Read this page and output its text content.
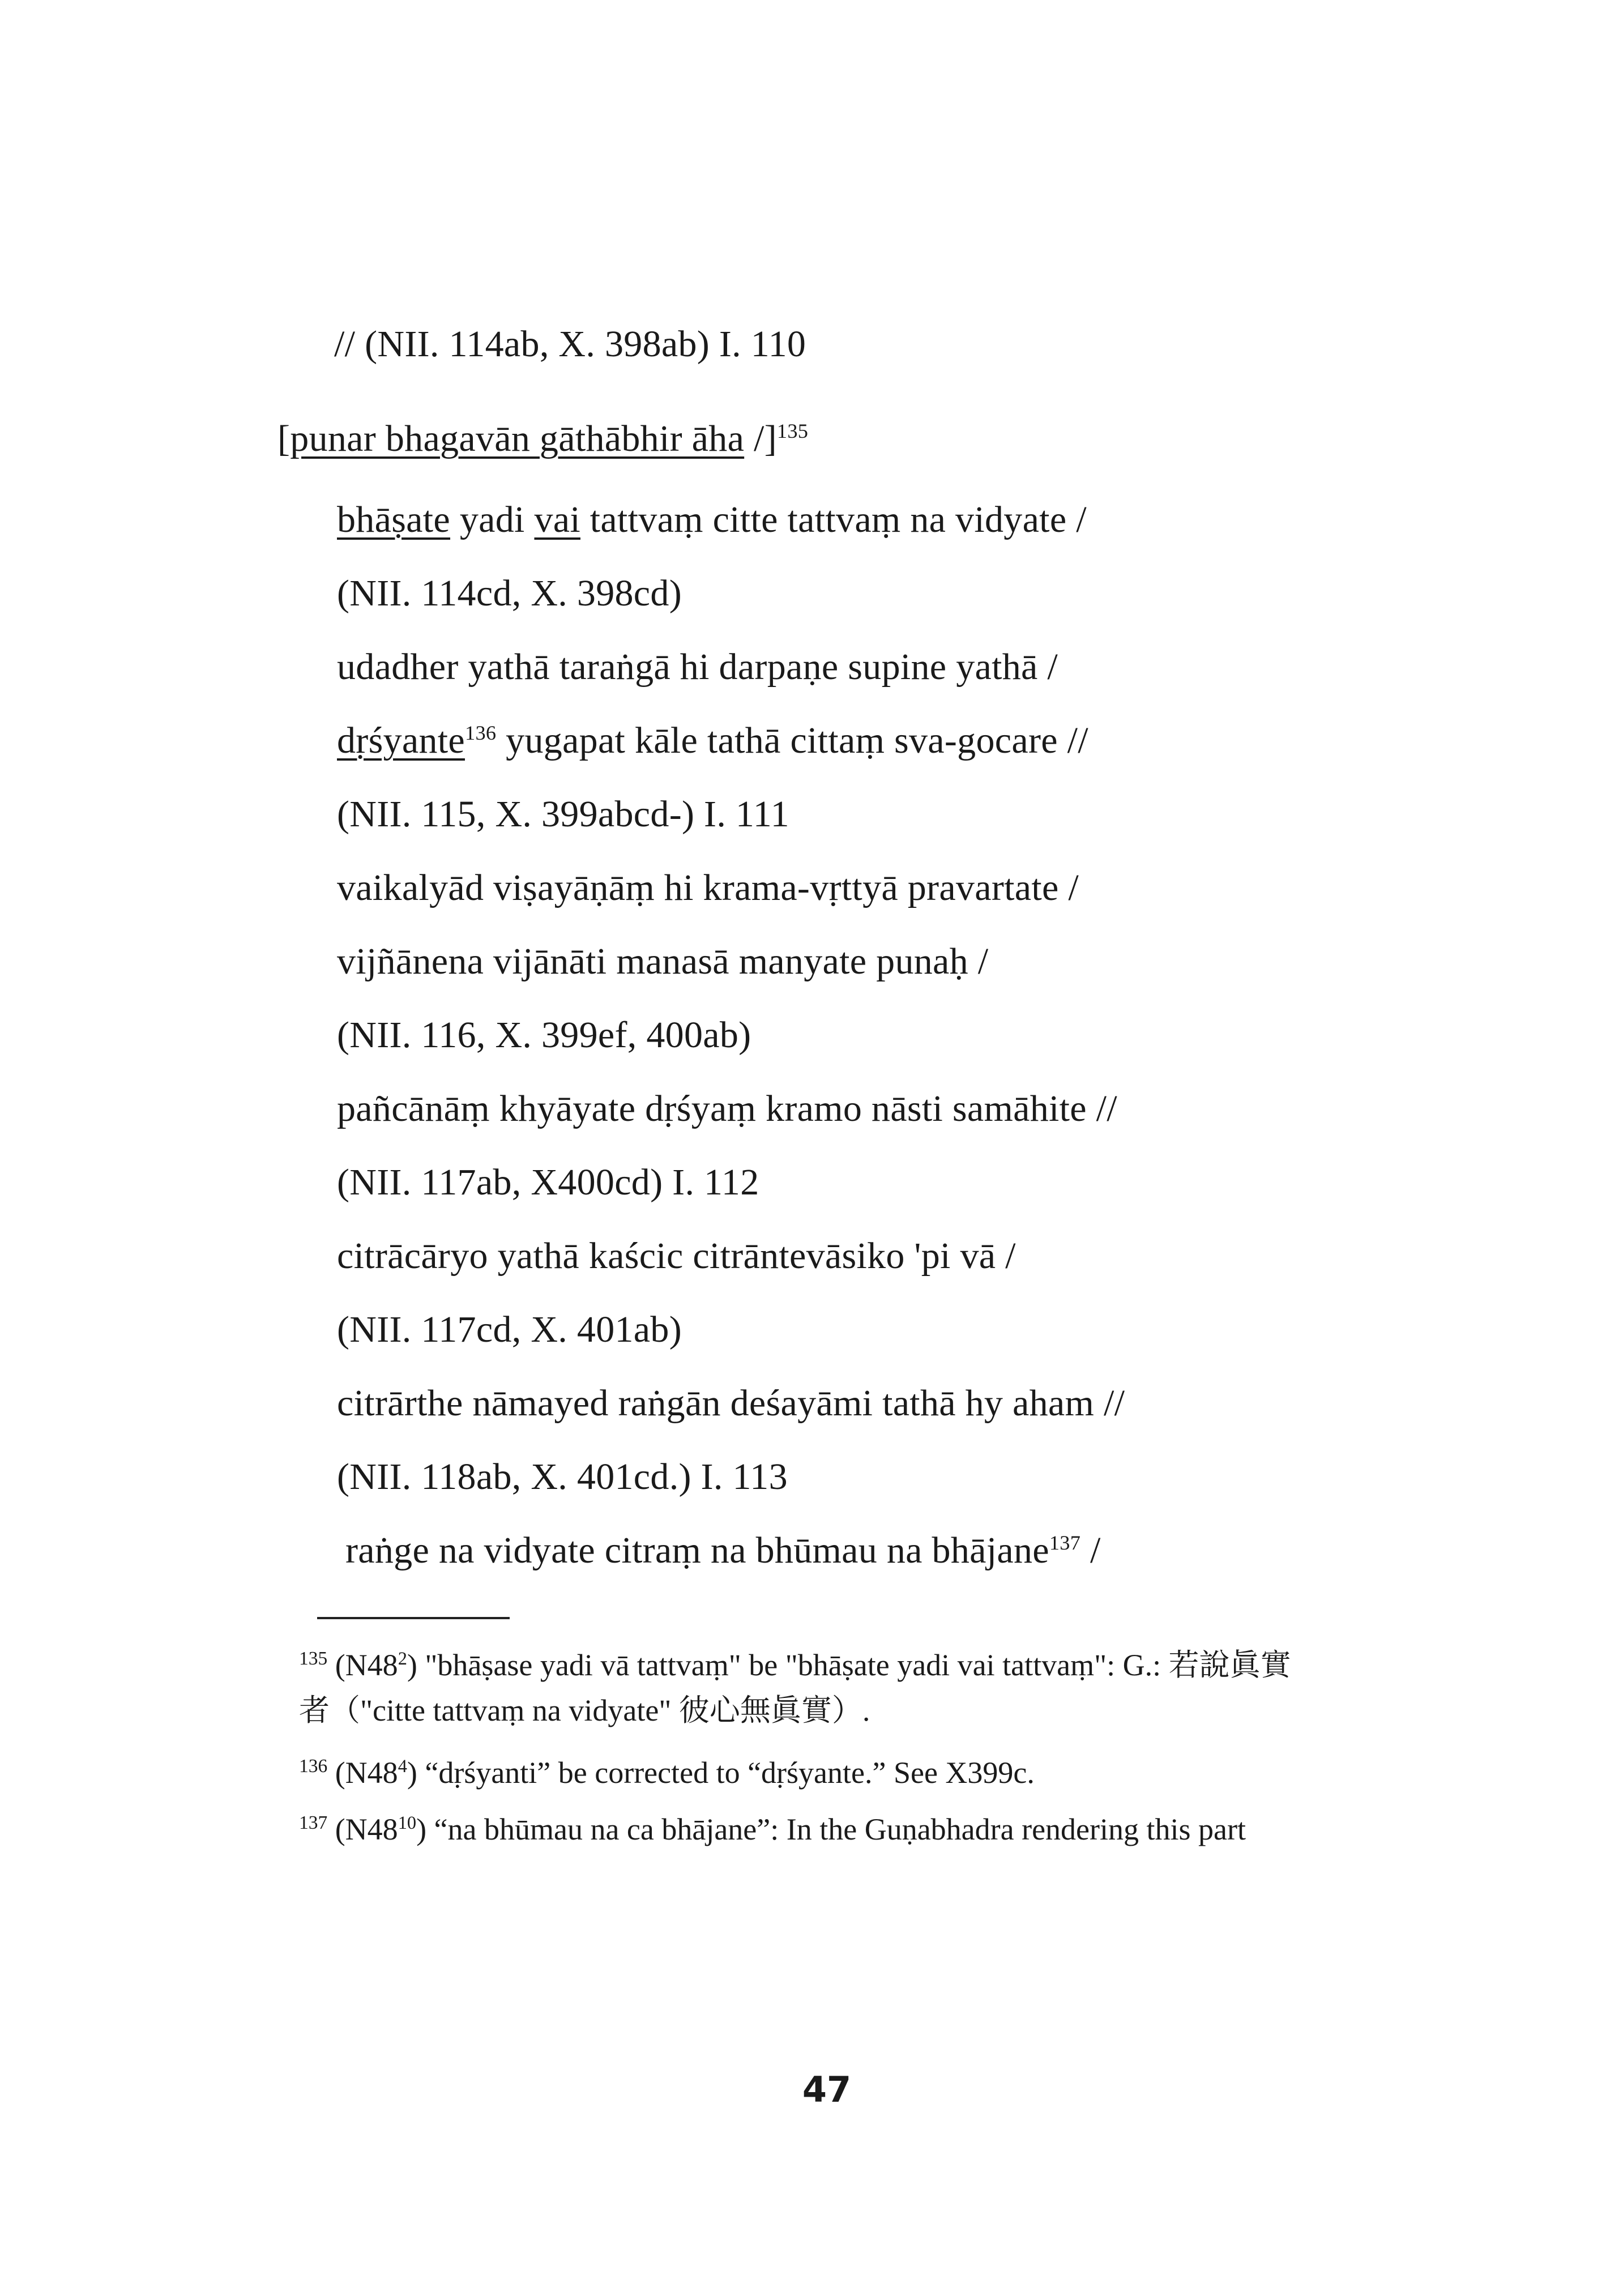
// (NII. 114ab, X. 398ab) I. 110
[punar bhagavān gāthābhir āha /]$^{135}$
bhāṣate yadi vai tattvaṃ citte tattvaṃ na vidyate /
(NII. 114cd, X. 398cd)
udadher yathā taraṅgā hi darpaṇe supine yathā /
dṛśyante$^{136}$ yugapat kāle tathā cittaṃ sva-gocare //
(NII. 115, X. 399abcd-) I. 111
vaikalyād viṣayāṇāṃ hi krama-vṛttyā pravartate /
vijñānena vijānāti manasā manyate punaḥ /
(NII. 116, X. 399ef, 400ab)
pañcānāṃ khyāyate dṛśyaṃ kramo nāsti samāhite //
(NII. 117ab, X400cd) I. 112
citrācāryo yathā kaścic citrāntevāsiko 'pi vā /
(NII. 117cd, X. 401ab)
citrārthe nāmayed raṅgān deśayāmi tathā hy aham //
(NII. 118ab, X. 401cd.) I. 113
raṅge na vidyate citraṃ na bhūmau na bhājane$^{137}$ /
$^{135}$ $(N48^2)$ "bhāṣase yadi vā tattvaṃ" be "bhāṣate yadi vai tattvaṃ": G.: 若說眞實
者（"citte tattvaṃ na vidyate" 彼心無眞實）.
$^{136}$ $(N48^4)$ “dṛśyanti” be corrected to “dṛśyante.” See X399c.
$^{137}$ $(N48^{10})$ “na bhūmau na ca bhājane”: In the Guṇabhadra rendering this part
47
